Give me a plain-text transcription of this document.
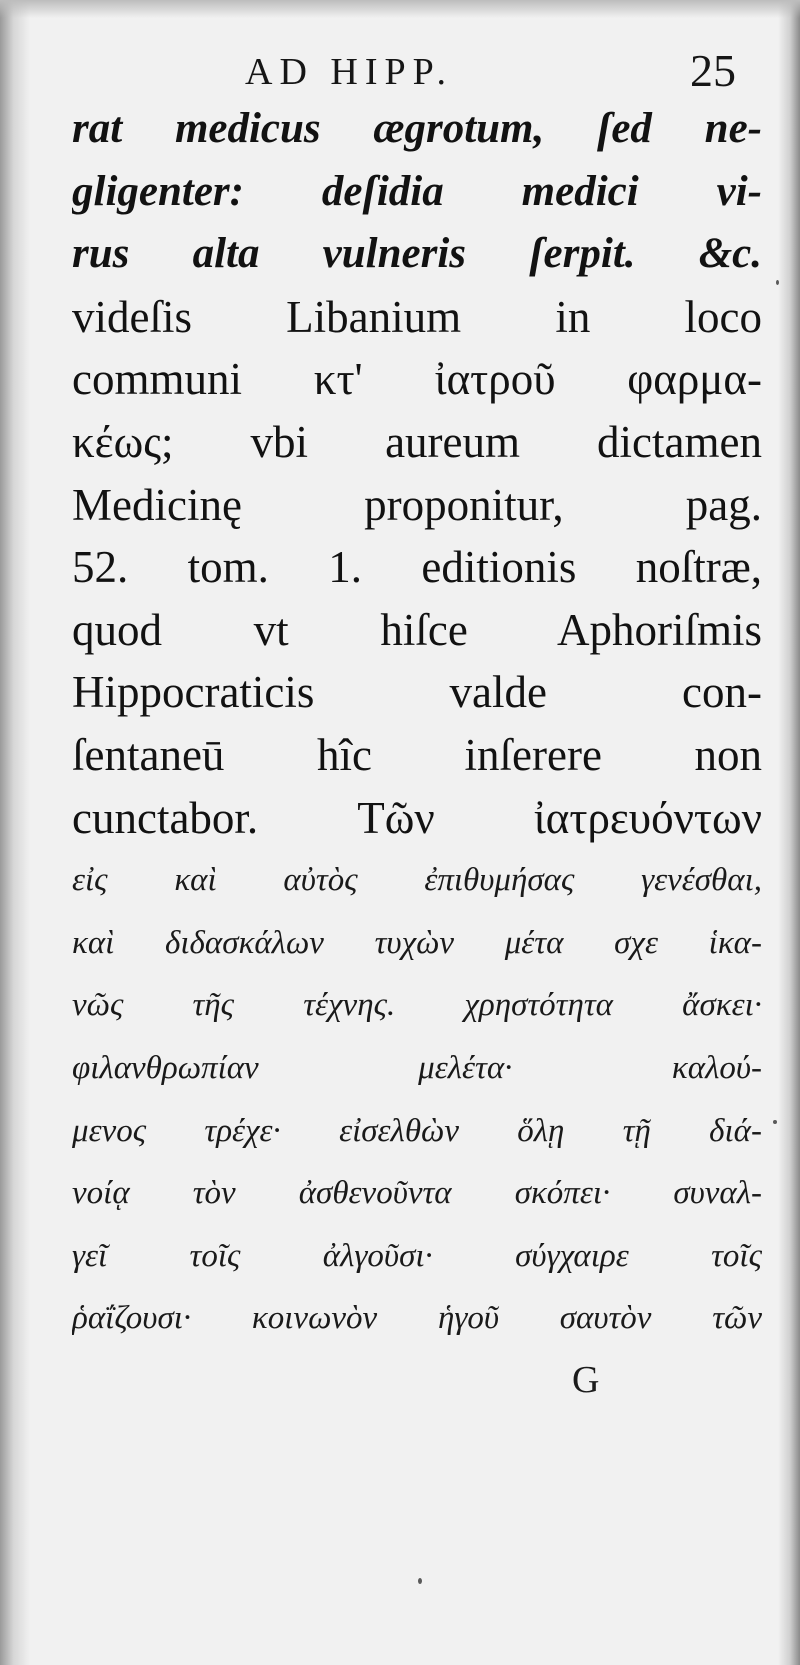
AD HIPP.	25
rat medicus ægrotum, ſed ne-
gligenter: deſidia medici vi-
rus alta vulneris ſerpit. &c.
videſis Libanium in loco
communi κτ' ἰατροῦ φαρμα-
κέως; vbi aureum dictamen
Medicinę proponitur, pag.
52. tom. 1. editionis noſtræ,
quod vt hiſce Aphoriſmis
Hippocraticis valde con-
ſentaneū hîc inſerere non
cunctabor. Τῶν ἰατρευόντων
εἰς καὶ αὐτὸς ἐπιθυμήσας γενέσθαι,
καὶ διδασκάλων τυχὼν μέτα σχε ἱκα-
νῶς τῆς τέχνης. χρηστότητα ἄσκει·
φιλανθρωπίαν μελέτα· καλού-
μενος τρέχε· εἰσελθὼν ὅλῃ τῇ διά-
νοίᾳ τὸν ἀσθενοῦντα σκόπει· συναλ-
γεῖ τοῖς ἀλγοῦσι· σύγχαιρε τοῖς
ῥαΐζουσι· κοινωνὸν ἡγοῦ σαυτὸν τῶν
G
